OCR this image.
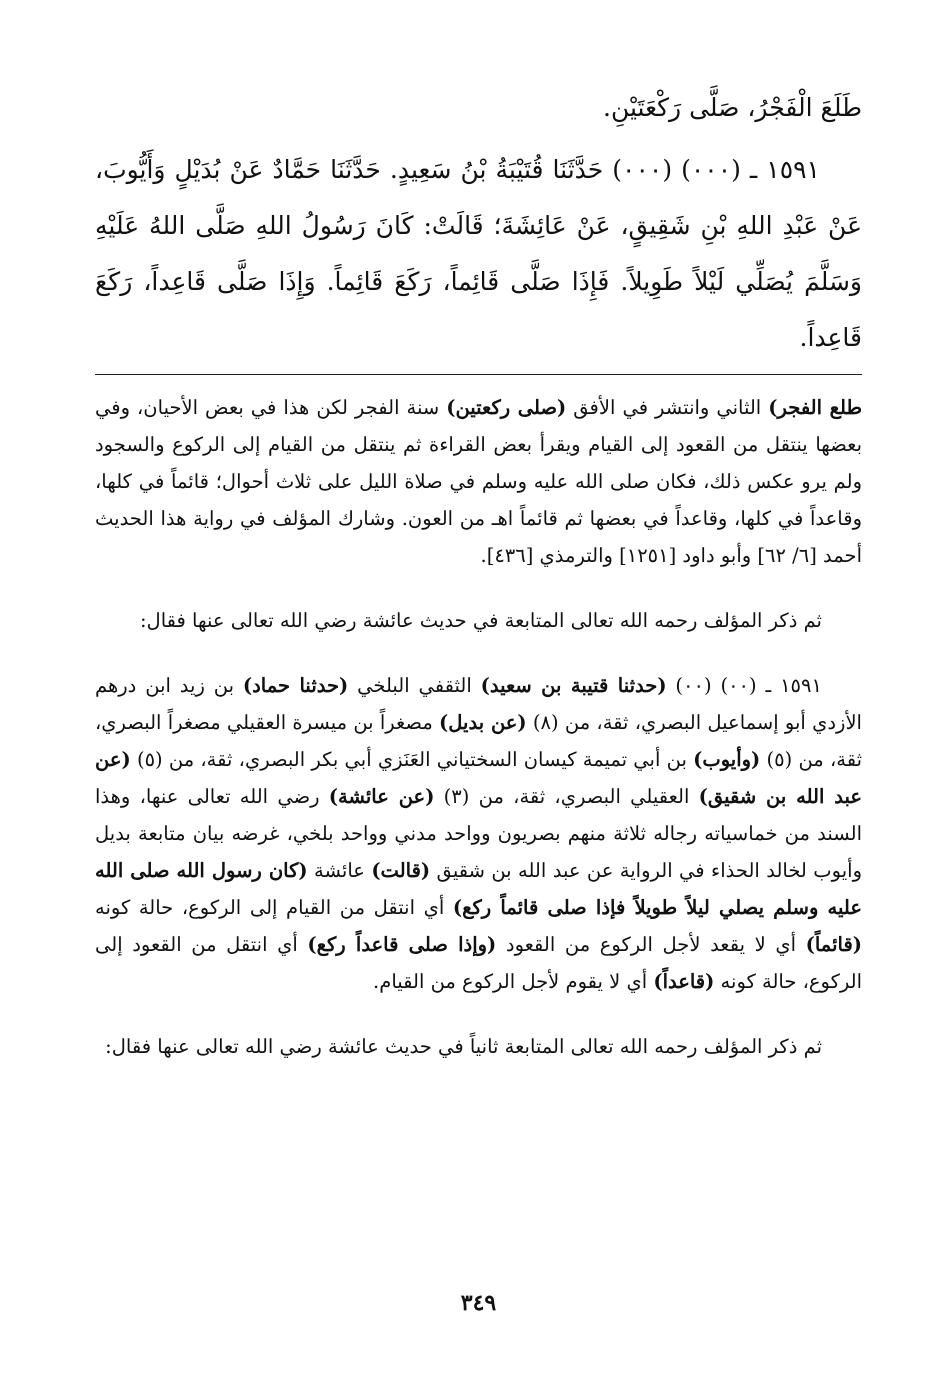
طَلَعَ الْفَجْرُ، صَلَّى رَكْعَتَيْنِ.

١٥٩١ ـ (٠٠٠) (٠٠٠) حَدَّثَنَا قُتَيْبَةُ بْنُ سَعِيدٍ. حَدَّثَنَا حَمَّادٌ عَنْ بُدَيْلٍ وَأَيُّوبَ، عَنْ عَبْدِ اللهِ بْنِ شَقِيقٍ، عَنْ عَائِشَةَ؛ قَالَتْ: كَانَ رَسُولُ اللهِ صَلَّى اللهُ عَلَيْهِ وَسَلَّمَ يُصَلِّي لَيْلاً طَوِيلاً. فَإِذَا صَلَّى قَائِماً، رَكَعَ قَائِماً. وَإِذَا صَلَّى قَاعِداً، رَكَعَ قَاعِداً.

طلع الفجر) الثاني وانتشر في الأفق (صلى ركعتين) سنة الفجر لكن هذا في بعض الأحيان، وفي بعضها ينتقل من القعود إلى القيام ويقرأ بعض القراءة ثم ينتقل من القيام إلى الركوع والسجود ولم يرو عكس ذلك، فكان صلى الله عليه وسلم في صلاة الليل على ثلاث أحوال؛ قائماً في كلها، وقاعداً في كلها، وقاعداً في بعضها ثم قائماً اهـ من العون. وشارك المؤلف في رواية هذا الحديث أحمد [٦/ ٦٢] وأبو داود [١٢٥١] والترمذي [٤٣٦].

ثم ذكر المؤلف رحمه الله تعالى المتابعة في حديث عائشة رضي الله تعالى عنها فقال:

١٥٩١ ـ (٠٠) (٠٠) (حدثنا قتيبة بن سعيد) الثقفي البلخي (حدثنا حماد) بن زيد ابن درهم الأزدي أبو إسماعيل البصري، ثقة، من (٨) (عن بديل) مصغراً بن ميسرة العقيلي مصغراً البصري، ثقة، من (٥) (وأيوب) بن أبي تميمة كيسان السختياني العَنَزي أبي بكر البصري، ثقة، من (٥) (عن عبد الله بن شقيق) العقيلي البصري، ثقة، من (٣) (عن عائشة) رضي الله تعالى عنها، وهذا السند من خماسياته رجاله ثلاثة منهم بصريون وواحد مدني وواحد بلخي، غرضه بيان متابعة بديل وأيوب لخالد الحذاء في الرواية عن عبد الله بن شقيق (قالت) عائشة (كان رسول الله صلى الله عليه وسلم يصلي ليلاً طويلاً فإذا صلى قائماً ركع) أي انتقل من القيام إلى الركوع، حالة كونه (قائماً) أي لا يقعد لأجل الركوع من القعود (وإذا صلى قاعداً ركع) أي انتقل من القعود إلى الركوع، حالة كونه (قاعداً) أي لا يقوم لأجل الركوع من القيام.

ثم ذكر المؤلف رحمه الله تعالى المتابعة ثانياً في حديث عائشة رضي الله تعالى عنها فقال:

٣٤٩
